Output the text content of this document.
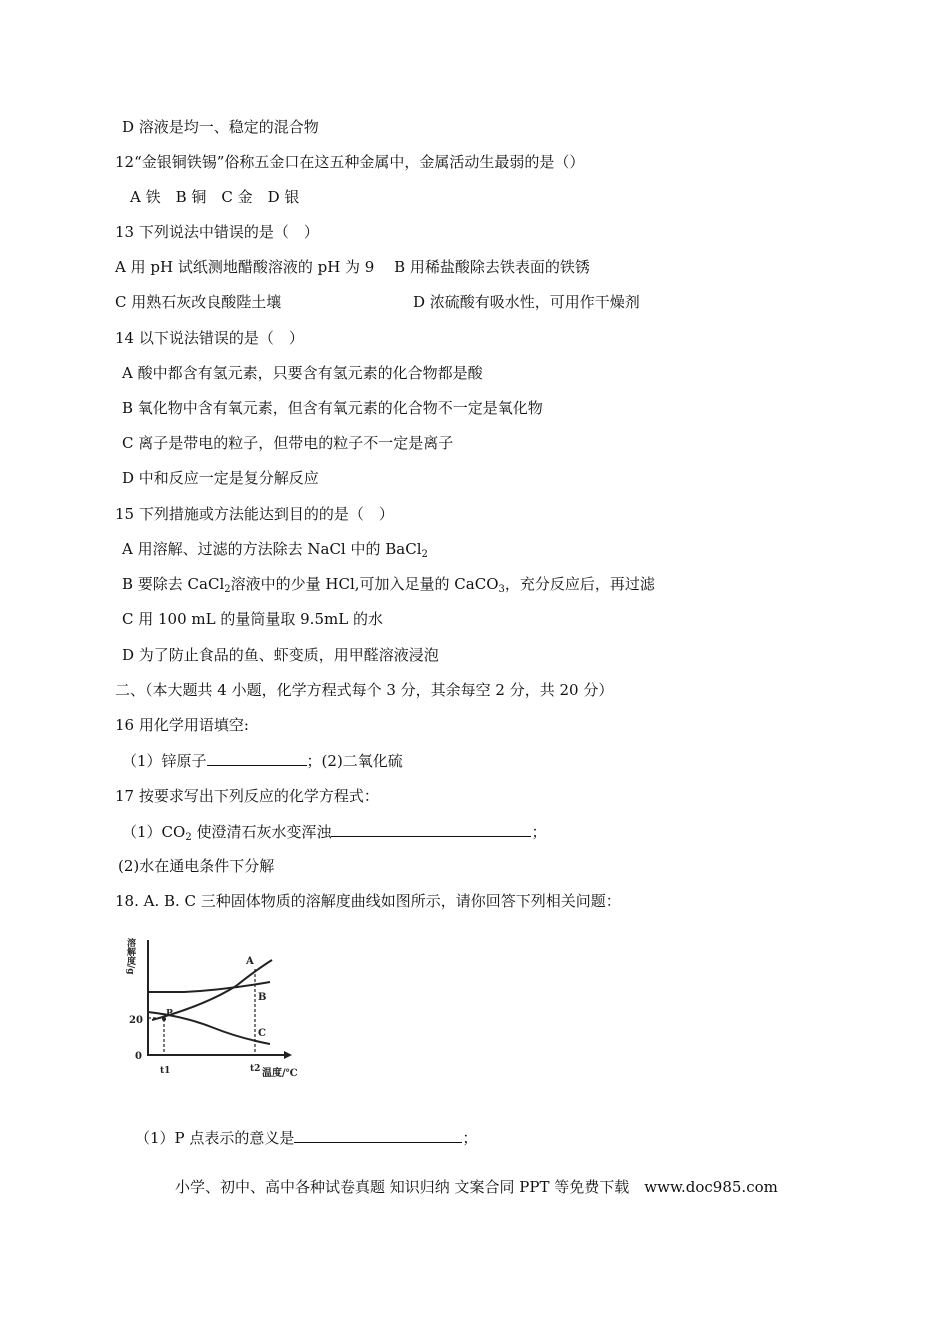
D 溶液是均一、稳定的混合物
12“金银铜铁锡”俗称五金口在这五种金属中，金属活动生最弱的是（）
A 铁　B 铜　C 金　D 银
13 下列说法中错误的是（　）
A 用 pH 试纸测地醋酸溶液的 pH 为 9　 B 用稀盐酸除去铁表面的铁锈
C 用熟石灰改良酸陛土壤	D 浓硫酸有吸水性，可用作干燥剂
14 以下说法错误的是（　）
A 酸中都含有氢元素，只要含有氢元素的化合物都是酸
B 氧化物中含有氧元素，但含有氧元素的化合物不一定是氧化物
C 离子是带电的粒子，但带电的粒子不一定是离子
D 中和反应一定是复分解反应
15 下列措施或方法能达到目的的是（　）
A 用溶解、过滤的方法除去 NaCl 中的 BaCl$_2$
B 要除去 CaCl$_2$溶液中的少量 HCl,可加入足量的 CaCO$_3$，充分反应后，再过滤
C 用 100 mL 的量筒量取 9.5mL 的水
D 为了防止食品的鱼、虾变质，用甲醛溶液浸泡
二、（本大题共 4 小题，化学方程式每个 3 分，其余每空 2 分，共 20 分）
16 用化学用语填空:
（1）锌原子	；(2)二氧化硫
17 按要求写出下列反应的化学方程式：
$(1)CO_2$ 使澄清石灰水变浑浊	；
(2)水在通电条件下分解
18. A. B. C 三种固体物质的溶解度曲线如图所示，请你回答下列相关问题：
溶解度/g
0
20
P
A
B
C
t1	t2 温度/℃
（1）P 点表示的意义是	；
小学、初中、高中各种试卷真题 知识归纳 文案合同 PPT 等免费下载　www.doc985.com
